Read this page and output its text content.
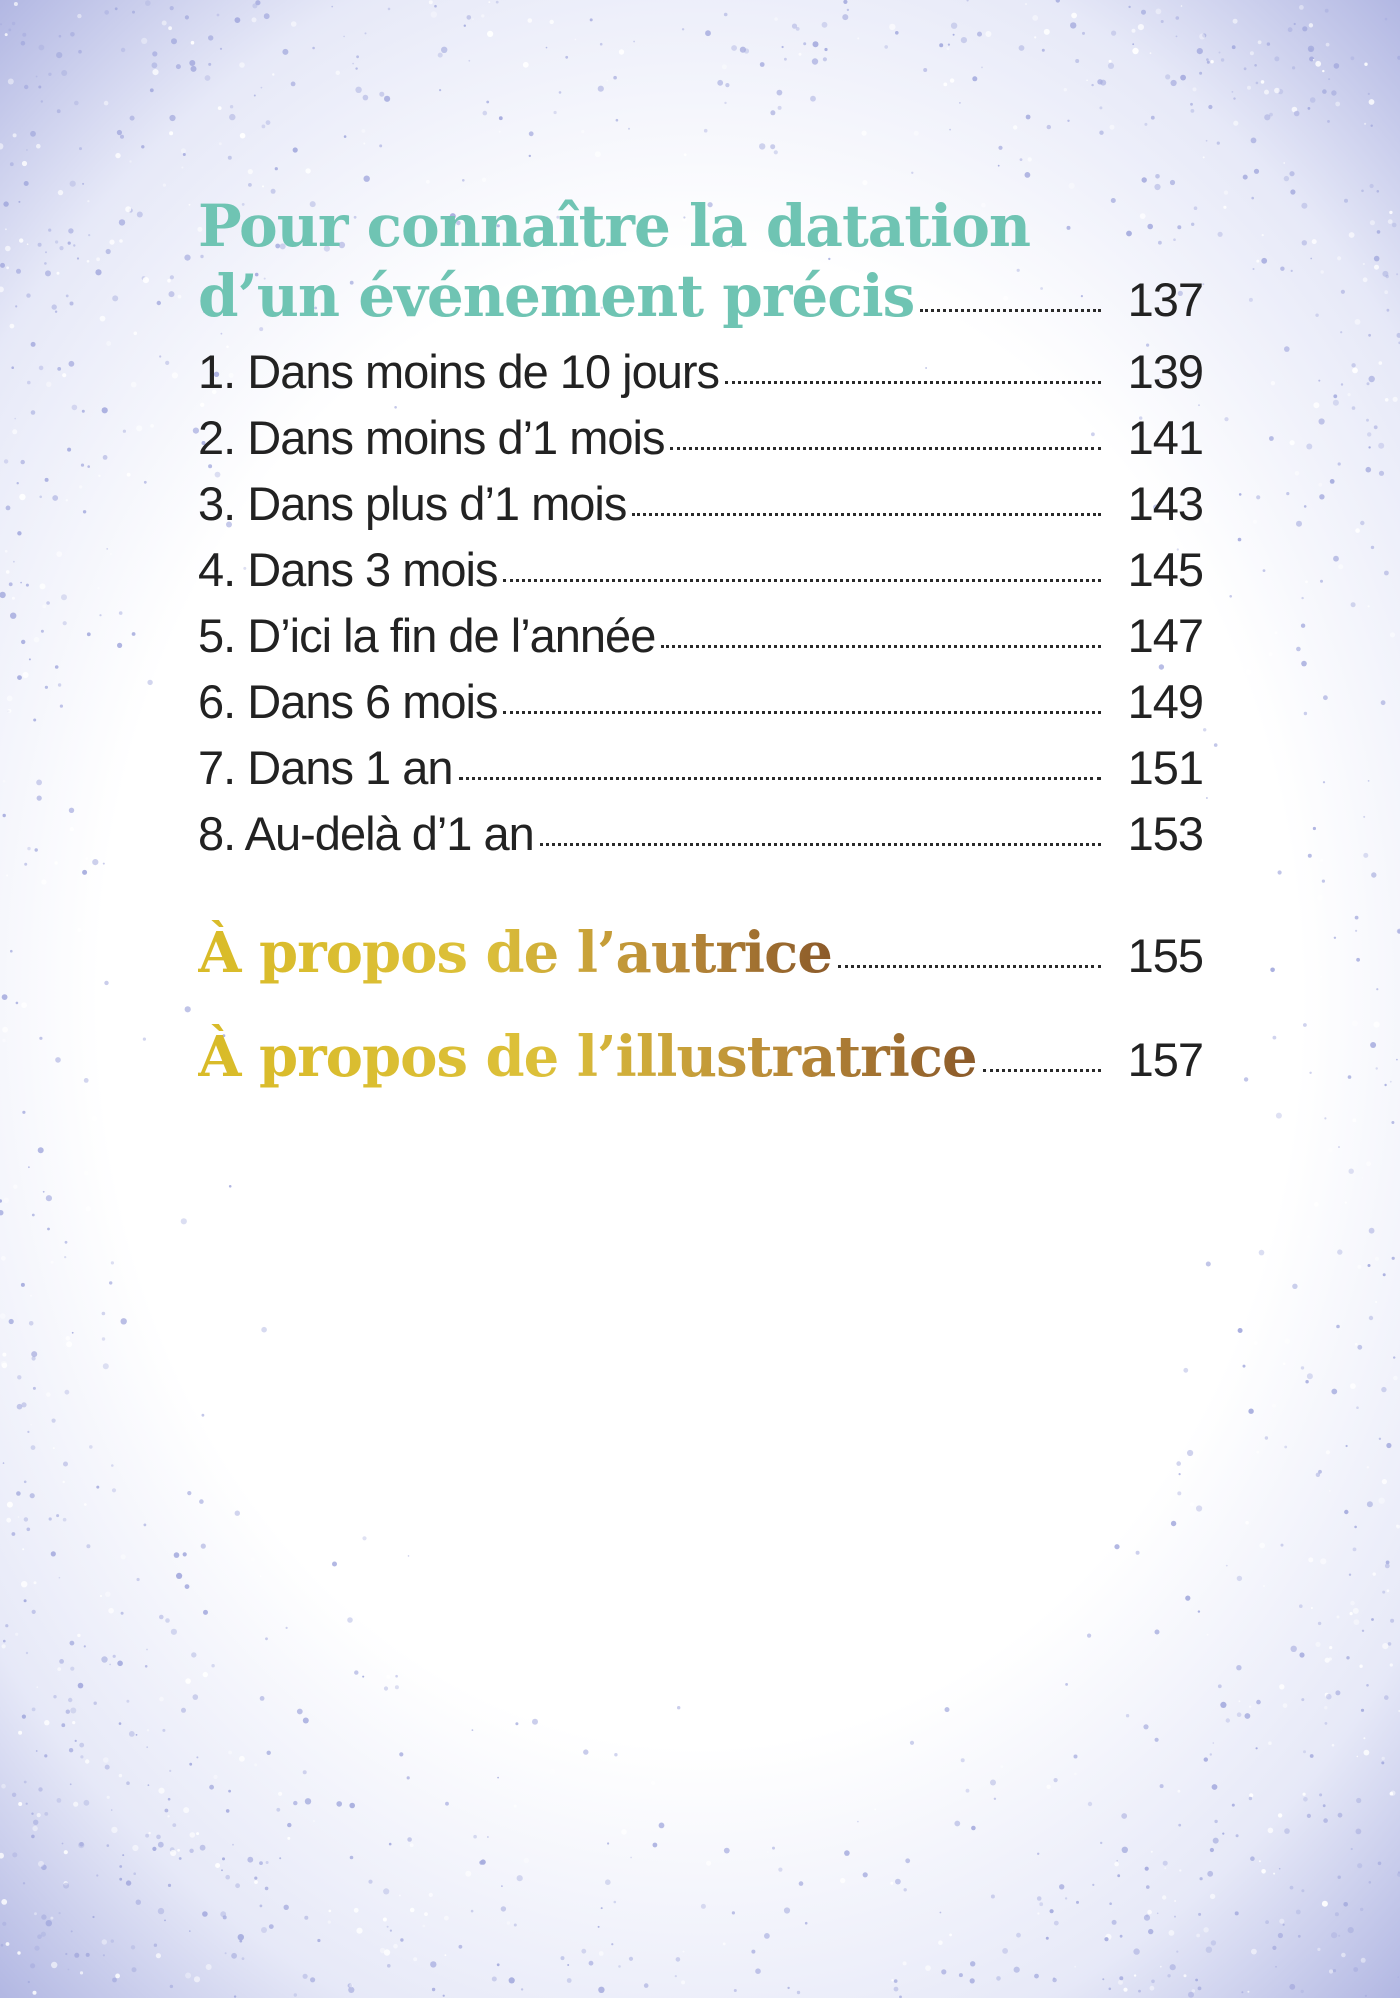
Pour connaître la datation
d’un événement précis	137
1. Dans moins de 10 jours	139
2. Dans moins d’1 mois	141
3. Dans plus d’1 mois	143
4. Dans 3 mois	145
5. D’ici la fin de l’année	147
6. Dans 6 mois	149
7. Dans 1 an	151
8. Au-delà d’1 an	153
À propos de l’autrice	155
À propos de l’illustratrice	157
